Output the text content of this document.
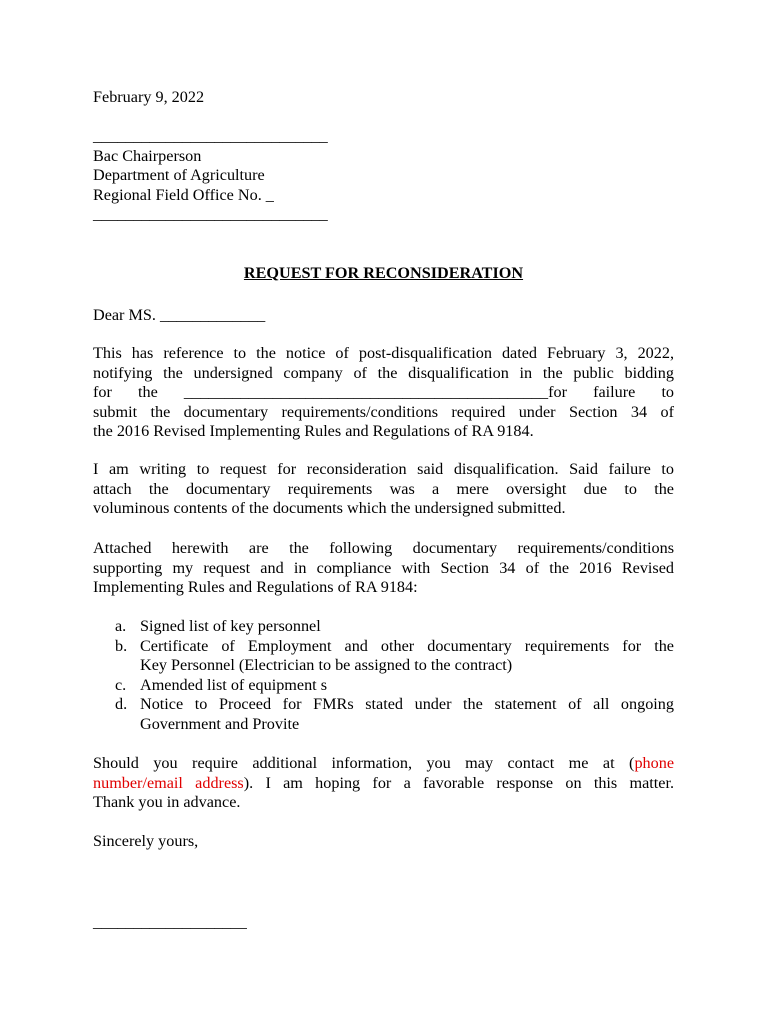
February 9, 2022
_____________________________
Bac Chairperson
Department of Agriculture
Regional Field Office No. _
_____________________________
REQUEST FOR RECONSIDERATION
Dear MS. _____________
This has reference to the notice of post-disqualification dated February 3, 2022,
notifying the undersigned company of the disqualification in the public bidding
for the _____________________________________________for failure to
submit the documentary requirements/conditions required under Section 34 of
the 2016 Revised Implementing Rules and Regulations of RA 9184.
I am writing to request for reconsideration said disqualification. Said failure to
attach the documentary requirements was a mere oversight due to the
voluminous contents of the documents which the undersigned submitted.
Attached herewith are the following documentary requirements/conditions
supporting my request and in compliance with Section 34 of the 2016 Revised
Implementing Rules and Regulations of RA 9184:
a. Signed list of key personnel
b. Certificate of Employment and other documentary requirements for the
Key Personnel (Electrician to be assigned to the contract)
c. Amended list of equipment s
d. Notice to Proceed for FMRs stated under the statement of all ongoing
Government and Provite
Should you require additional information, you may contact me at (phone
number/email address). I am hoping for a favorable response on this matter.
Thank you in advance.
Sincerely yours,
___________________
